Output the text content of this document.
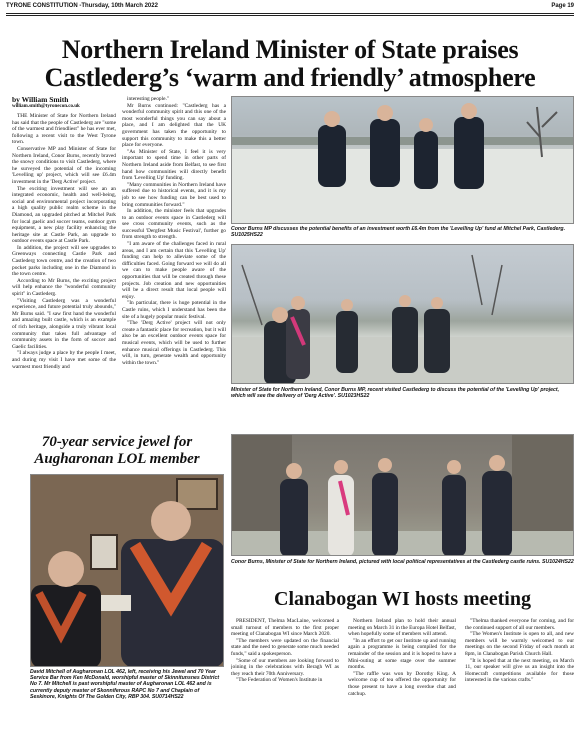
TYRONE CONSTITUTION -Thursday, 10th March 2022	Page 19
Northern Ireland Minister of State praises
Castlederg’s ‘warm and friendly’ atmosphere
by William Smith
william.smith@tyronecon.co.uk

THE Minister of State for Northern Ireland has said that the people of Castlederg are "some of the warmest and friendliest" he has ever met, following a recent visit to the West Tyrone town.

Conservative MP and Minister of State for Northern Ireland, Conor Burns, recently braved the snowy conditions to visit Castlederg, where he surveyed the potential of the incoming 'Levelling up' project, which will see £6.4m investment in the 'Derg Active' project.

The exciting investment will see an an integrated economic, health and well-being, social and environmental project incorporating a high quality public realm scheme in the Diamond, an upgraded pitched at Mitchel Park for local gaelic and soccer teams, outdoor gym equipment, a new play facility enhancing the heritage site at Castle Park, an upgrade to outdoor events space at Castle Park.

In addition, the project will see upgrades to Greenways connecting Castle Park and Castlederg town centre, and the creation of two pocket parks including one in the Diamond in the town centre.

According to Mr Burns, the exciting project will help enhance the "wonderful community spirit" in Castlederg.

"Visiting Castlederg was a wonderful experience, and future potential truly abounds," Mr Burns said. "I saw first hand the wonderful and amazing built castle, which is an example of rich heritage, alongside a truly vibrant local community that takes full advantage of community assets in the form of soccer and Gaelic facilities.

"I always judge a place by the people I meet, and during my visit I have met some of the warmest most friendly and

interesting people."

Mr Burns continued: "Castlederg has a wonderful community spirit and this one of the most wonderful things you can say about a place, and I am delighted that the UK government has taken the opportunity to support this community to make this a better place for everyone.

"As Minister of State, I feel it is very important to spend time in other parts of Northern Ireland aside from Belfast, to see first hand how communities will directly benefit from 'Levelling Up' funding.

"Many communities in Northern Ireland have suffered due to historical events, and it is my job to see how funding can be best used to bring communities forward."

In addition, the minister feels that upgrades to an outdoor events space in Castlederg will see cross community events, such as the successful 'Dergfest Music Festival', further go from strength to strength.

"I am aware of the challenges faced in rural areas, and I am certain that this 'Levelling Up' funding can help to alleviate some of the difficulties faced. Going forward we will do all we can to make people aware of the opportunities that will be created through these projects. Job creation and new opportunities will be a direct result that local people will enjoy.

"In particular, there is huge potential in the Castle ruins, which I understand has been the site of a hugely popular music festival.

"The 'Derg Active' project will not only create a fantastic place for recreation, but it will also be an excellent outdoor events space for musical events, which will be used to further enhance musical offerings in Castlederg. This will, in turn, generate wealth and opportunity within the town."

Conor Burns MP discusses the potential benefits of an investment worth £6.4m from the 'Levelling Up' fund at Mitchel Park, Castlederg. SU1025HS22
Minister of State for Northern Ireland, Conor Burns MP, recent visited Castlederg to discuss the potential of the 'Levelling Up' project, which will see the delivery of 'Derg Active'. SU1023HS22
70-year service jewel for
Augharonan LOL member
David Mitchell of Augharonan LOL 462, left, receiving his Jewel and 70 Year Service Bar from Ken McDonald, worshipful master of Skinnitunsnes District No 7. Mr Mitchell is past worshipful master of Augharonan LOL 462 and is currently deputy master of Skonniferous RAPC No 7 and Chaplain of Seskinore, Knights Of The Golden City, RBP 304. SU0714HS22
Conor Burns, Minister of State for Northern Ireland, pictured with local political representatives at the Castlederg castle ruins. SU1024HS22
Clanabogan WI hosts meeting

PRESIDENT, Thelma MacLaine, welcomed a small turnout of members to the first proper meeting of Clanabogan WI since March 2020.

"The members were updated on the financial state and the need to generate some much needed funds," said a spokesperson.

"Some of our members are looking forward to joining in the celebrations with Beragh WI as they reach their 70th Anniversary.

"The Federation of Women's Institute in

Northern Ireland plan to hold their annual meeting on March 31 in the Europa Hotel Belfast, when hopefully some of members will attend.

"In an effort to get our Institute up and running again a programme is being compiled for the remainder of the session and it is hoped to have a Mini-outing at some stage over the summer months.

"The raffle was won by Dorothy King. A welcome cup of tea offered the opportunity for those present to have a long overdue chat and catchup.

"Thelma thanked everyone for coming, and for the continued support of all our members.

"The Women's Institute is open to all, and new members will be warmly welcomed to our meetings on the second Friday of each month at 8pm, in Clanabogan Parish Church Hall.

"It is hoped that at the next meeting, on March 11, our speaker will give us an insight into the Homecraft competitions available for those interested in the various crafts."
